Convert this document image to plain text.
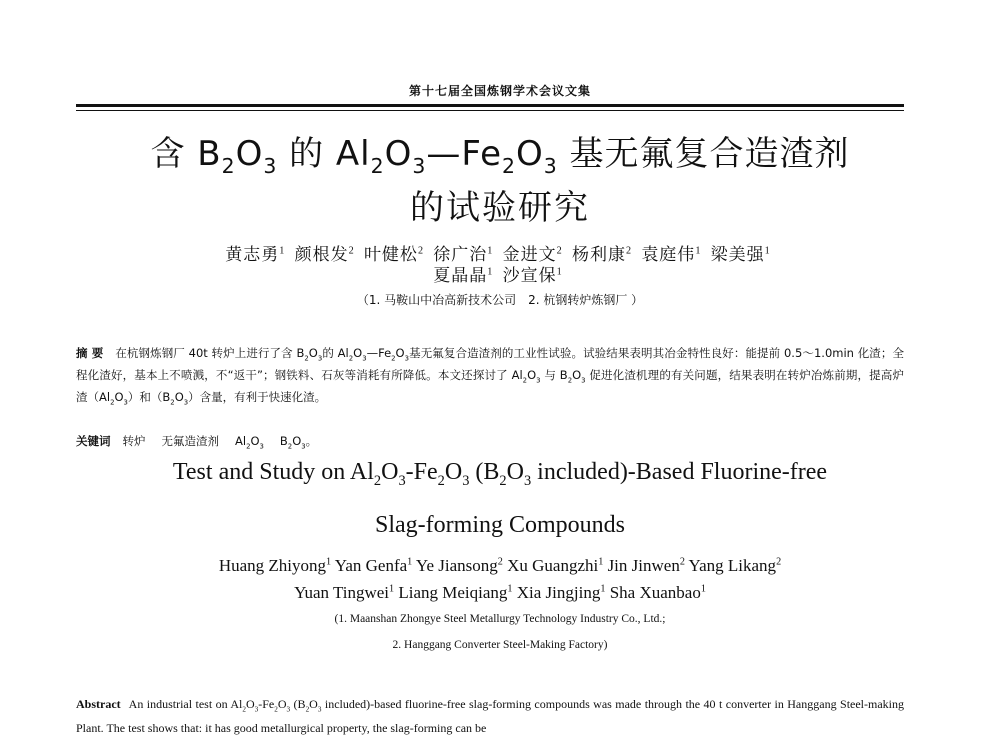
第十七届全国炼钢学术会议文集
含 $B_2O_3$ 的 $Al_2O_3—Fe_2O_3$ 基无氟复合造渣剂
的试验研究
黄志勇$^1$ 颜根发$^2$ 叶健松$^2$ 徐广治$^1$ 金进文$^2$ 杨利康$^2$ 袁庭伟$^1$ 梁美强$^1$
夏晶晶$^1$ 沙宣保$^1$
（1. 马鞍山中冶高新技术公司　2. 杭钢转炉炼钢厂 ）
摘 要 在杭钢炼钢厂 40t 转炉上进行了含 $B_2O_3$的 $Al_2O_3—Fe_2O_3$基无氟复合造渣剂的工业性试验。试验结果表明其冶金特性良好：能提前 0.5～1.0min 化渣；全程化渣好，基本上不喷溅，不“返干”；钢铁料、石灰等消耗有所降低。本文还探讨了 $Al_2O_3$ 与 $B_2O_3$ 促进化渣机理的有关问题，结果表明在转炉冶炼前期，提高炉渣$(Al_2O_3)$和$(B_2O_3)$含量，有利于快速化渣。
关键词 转炉 无氟造渣剂 $Al_2O_3$ $B_2O_3$。
Test and Study on $Al_2O_3-Fe_2O_3$ ($B_2O_3$ included)-Based Fluorine-free
Slag-forming Compounds
Huang Zhiyong$^1$ Yan Genfa$^1$ Ye Jiansong$^2$ Xu Guangzhi$^1$ Jin Jinwen$^2$ Yang Likang$^2$
Yuan Tingwei$^1$ Liang Meiqiang$^1$ Xia Jingjing$^1$ Sha Xuanbao$^1$
(1. Maanshan Zhongye Steel Metallurgy Technology Industry Co., Ltd.;
2. Hanggang Converter Steel-Making Factory)
Abstract An industrial test on $Al_2O_3-Fe_2O_3$ ($B_2O_3$ included)-based fluorine-free slag-forming compounds was made through the 40 t converter in Hanggang Steel-making Plant. The test shows that: it has good metallurgical property, the slag-forming can be
